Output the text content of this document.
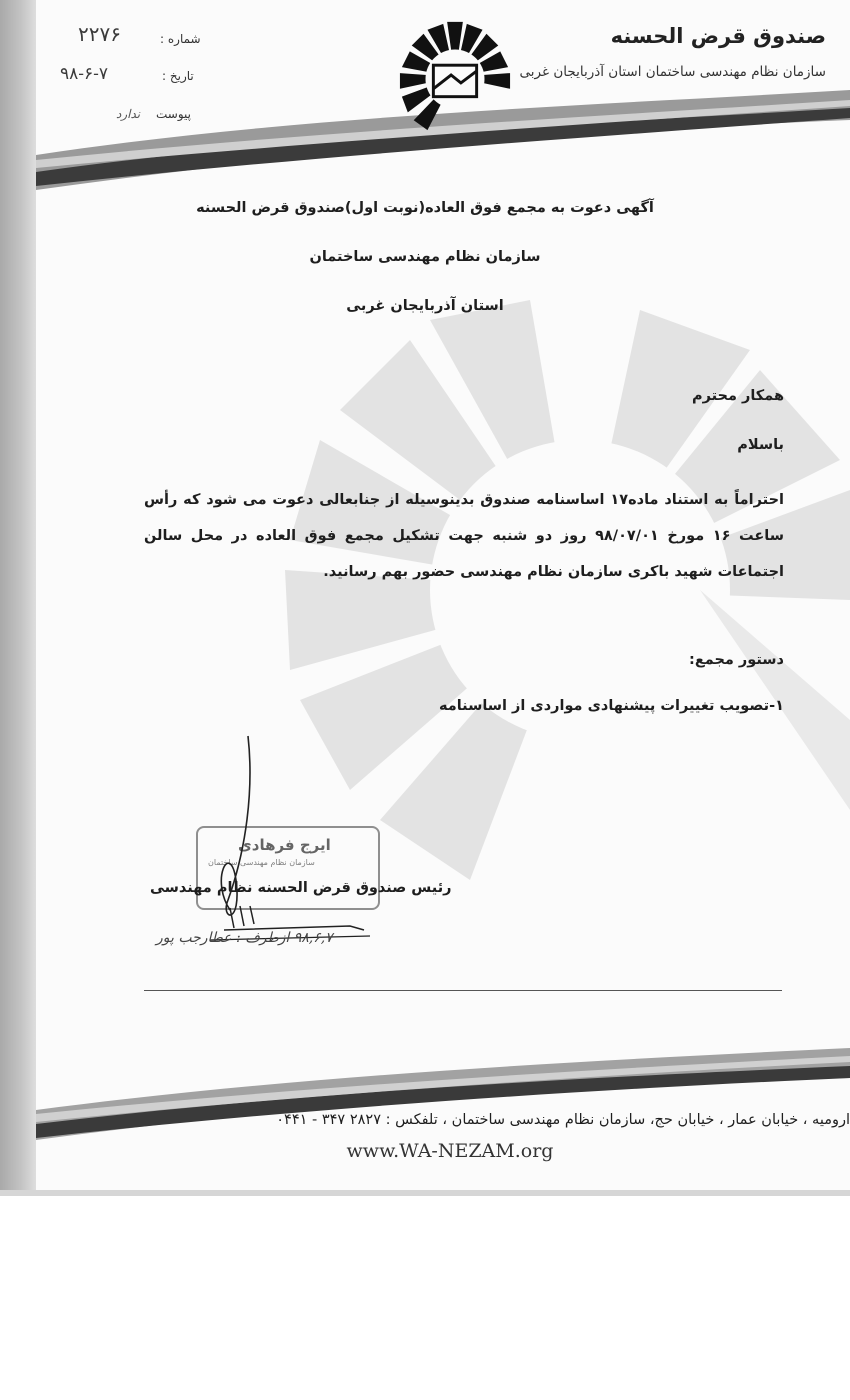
صندوق قرض الحسنه
سازمان نظام مهندسی ساختمان استان آذربایجان غربی
شماره :
۲۲۷۶
تاریخ :
۹۸-۶-۷
پیوست
ندارد
آگهی دعوت به مجمع فوق العاده(نوبت اول)صندوق قرض الحسنه
سازمان نظام مهندسی ساختمان
استان آذربایجان غربی
همکار محترم
باسلام
احتراماً به استناد ماده۱۷ اساسنامه صندوق بدینوسیله از جنابعالی دعوت می شود که رأس ساعت ۱۶ مورخ ۹۸/۰۷/۰۱ روز دو شنبه جهت تشکیل مجمع فوق العاده در محل سالن اجتماعات شهید باکری سازمان نظام مهندسی حضور بهم رسانید.
دستور مجمع:
۱-تصویب تغییرات پیشنهادی مواردی از اساسنامه
ایرج فرهادی
سازمان نظام مهندسی ساختمان
رئیس صندوق قرض الحسنه نظام مهندسی
۹۸,۶,۷ ازطرف : عطارجب پور
ارومیه ، خیابان عمار ، خیابان حج، سازمان نظام مهندسی ساختمان ، تلفکس : ۲۸۲۷ ۳۴۷ - ۰۴۴۱
www.WA-NEZAM.org
